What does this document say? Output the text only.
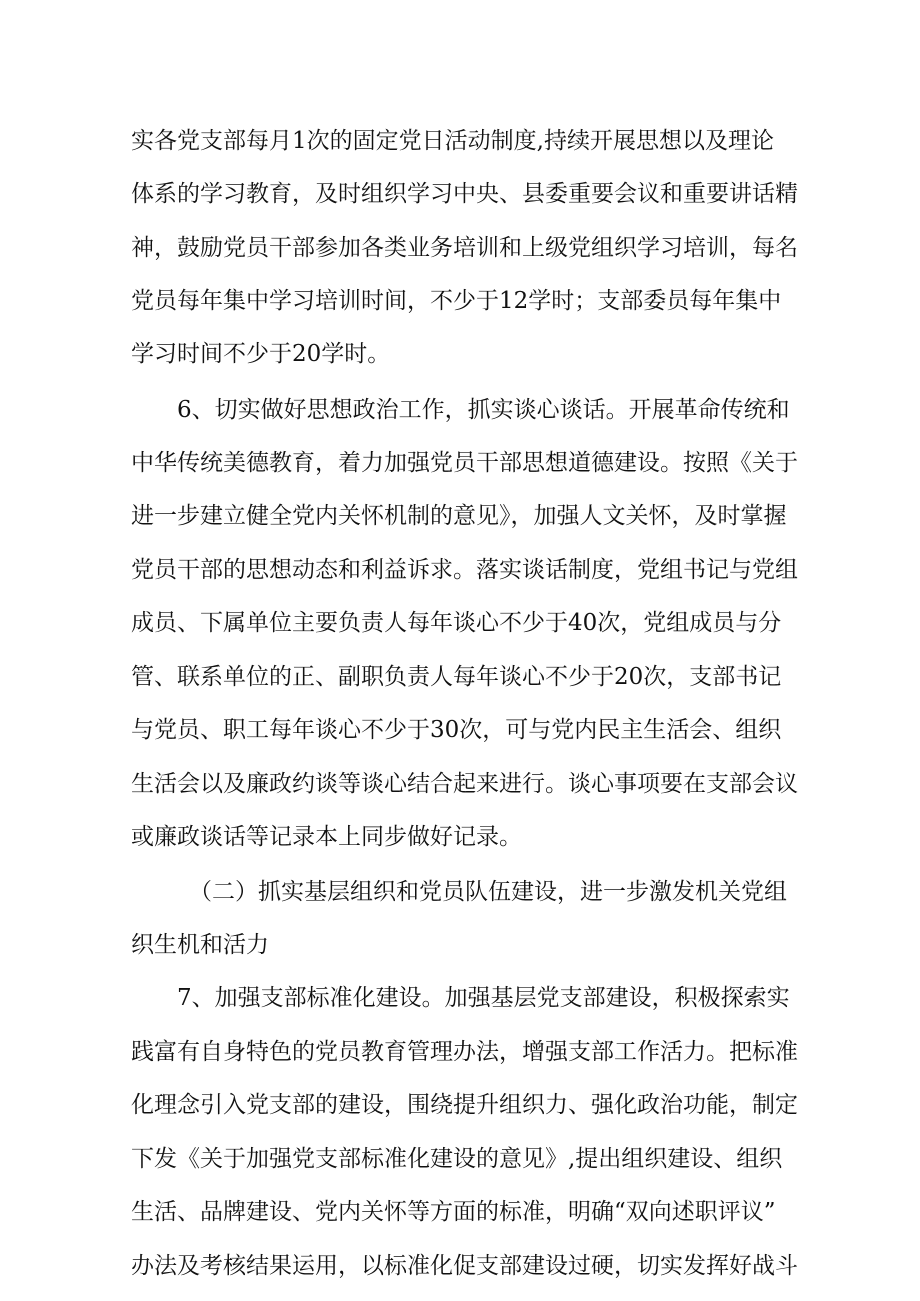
实各党支部每月1次的固定党日活动制度,持续开展思想以及理论
体系的学习教育，及时组织学习中央、县委重要会议和重要讲话精
神，鼓励党员干部参加各类业务培训和上级党组织学习培训，每名
党员每年集中学习培训时间，不少于12学时；支部委员每年集中
学习时间不少于20学时。
6、切实做好思想政治工作，抓实谈心谈话。开展革命传统和
中华传统美德教育，着力加强党员干部思想道德建设。按照《关于
进一步建立健全党内关怀机制的意见》，加强人文关怀，及时掌握
党员干部的思想动态和利益诉求。落实谈话制度，党组书记与党组
成员、下属单位主要负责人每年谈心不少于40次，党组成员与分
管、联系单位的正、副职负责人每年谈心不少于20次，支部书记
与党员、职工每年谈心不少于30次，可与党内民主生活会、组织
生活会以及廉政约谈等谈心结合起来进行。谈心事项要在支部会议
或廉政谈话等记录本上同步做好记录。
（二）抓实基层组织和党员队伍建设，进一步激发机关党组
织生机和活力
7、加强支部标准化建设。加强基层党支部建设，积极探索实
践富有自身特色的党员教育管理办法，增强支部工作活力。把标准
化理念引入党支部的建设，围绕提升组织力、强化政治功能，制定
下发《关于加强党支部标准化建设的意见》,提出组织建设、组织
生活、品牌建设、党内关怀等方面的标准，明确“双向述职评议”
办法及考核结果运用，以标准化促支部建设过硬，切实发挥好战斗
